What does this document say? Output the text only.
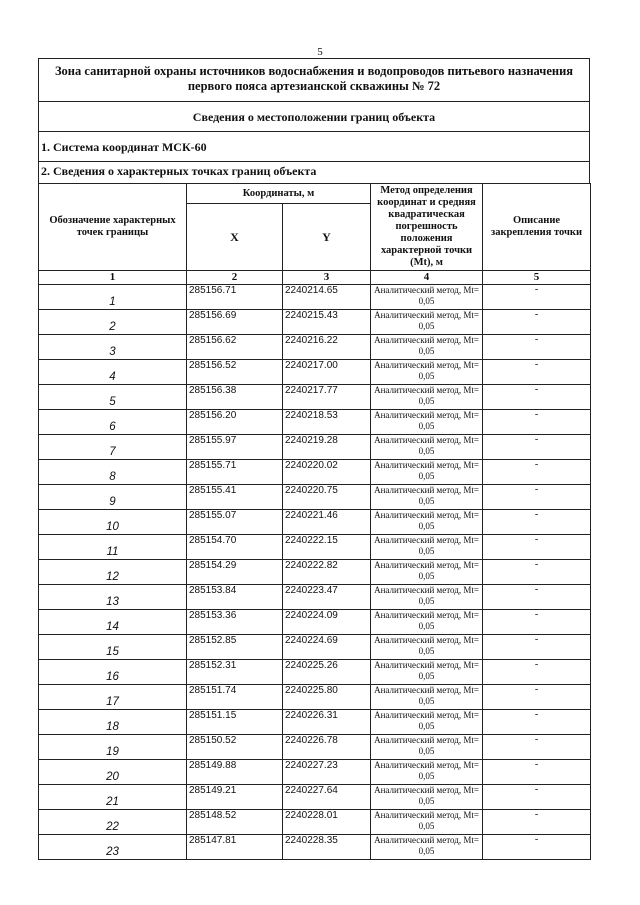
5
Зона санитарной охраны источников водоснабжения и водопроводов питьевого назначения первого пояса артезианской скважины № 72
Сведения о местоположении границ объекта
1. Система координат МСК-60
2. Сведения о характерных точках границ объекта
Обозначение характерных точек границы	Координаты, м		Метод определения координат и средняя квадратическая погрешность положения характерной точки (Mt), м	Описание закрепления точки
	X	Y		
1	2	3	4	5
1	285156.71	2240214.65	Аналитический метод, Mt= 0,05	-
2	285156.69	2240215.43	Аналитический метод, Mt= 0,05	-
3	285156.62	2240216.22	Аналитический метод, Mt= 0,05	-
4	285156.52	2240217.00	Аналитический метод, Mt= 0,05	-
5	285156.38	2240217.77	Аналитический метод, Mt= 0,05	-
6	285156.20	2240218.53	Аналитический метод, Mt= 0,05	-
7	285155.97	2240219.28	Аналитический метод, Mt= 0,05	-
8	285155.71	2240220.02	Аналитический метод, Mt= 0,05	-
9	285155.41	2240220.75	Аналитический метод, Mt= 0,05	-
10	285155.07	2240221.46	Аналитический метод, Mt= 0,05	-
11	285154.70	2240222.15	Аналитический метод, Mt= 0,05	-
12	285154.29	2240222.82	Аналитический метод, Mt= 0,05	-
13	285153.84	2240223.47	Аналитический метод, Mt= 0,05	-
14	285153.36	2240224.09	Аналитический метод, Mt= 0,05	-
15	285152.85	2240224.69	Аналитический метод, Mt= 0,05	-
16	285152.31	2240225.26	Аналитический метод, Mt= 0,05	-
17	285151.74	2240225.80	Аналитический метод, Mt= 0,05	-
18	285151.15	2240226.31	Аналитический метод, Mt= 0,05	-
19	285150.52	2240226.78	Аналитический метод, Mt= 0,05	-
20	285149.88	2240227.23	Аналитический метод, Mt= 0,05	-
21	285149.21	2240227.64	Аналитический метод, Mt= 0,05	-
22	285148.52	2240228.01	Аналитический метод, Mt= 0,05	-
23	285147.81	2240228.35	Аналитический метод, Mt= 0,05	-
